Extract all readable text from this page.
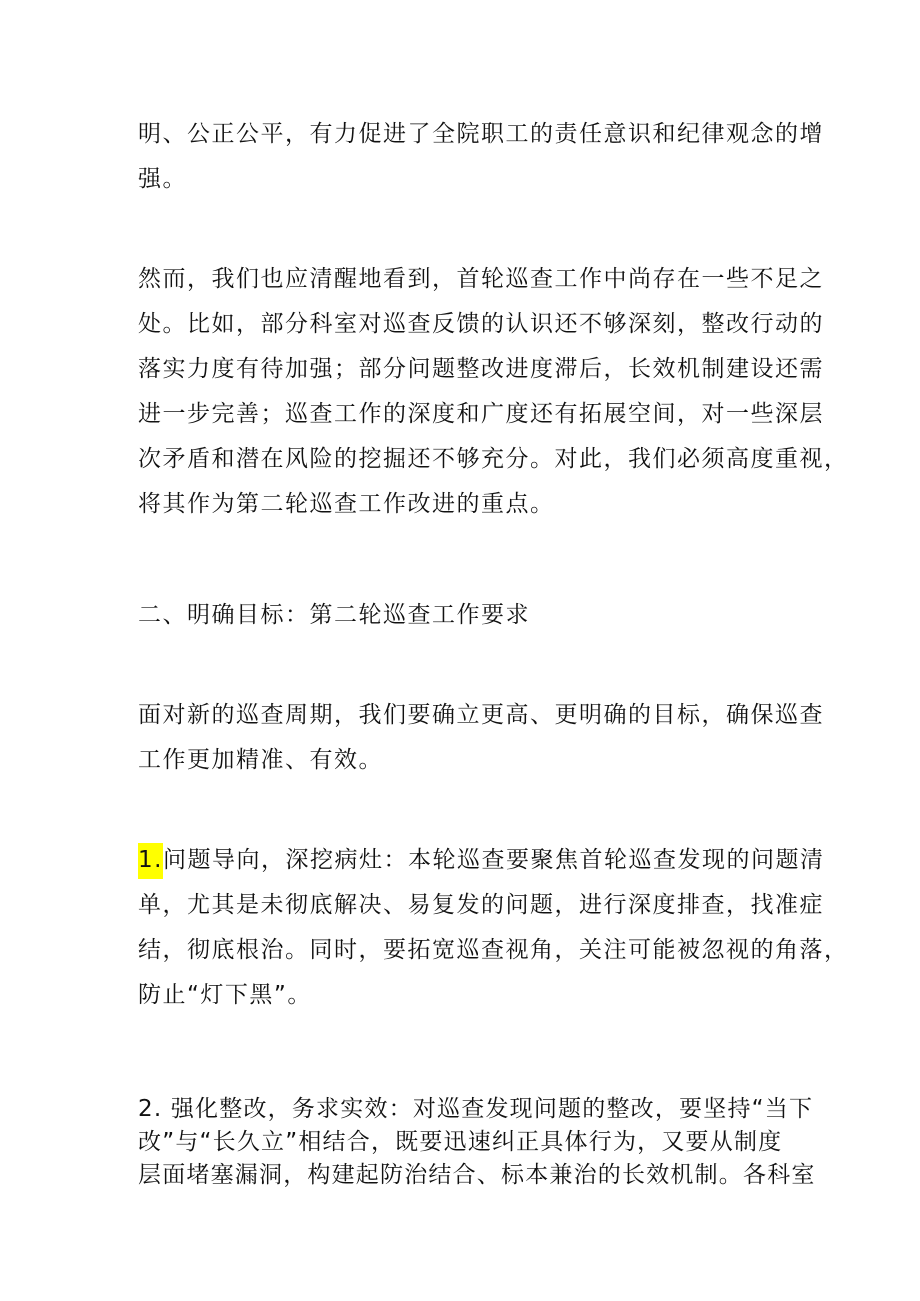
明、公正公平，有力促进了全院职工的责任意识和纪律观念的增
强。

然而，我们也应清醒地看到，首轮巡查工作中尚存在一些不足之
处。比如，部分科室对巡查反馈的认识还不够深刻，整改行动的
落实力度有待加强；部分问题整改进度滞后，长效机制建设还需
进一步完善；巡查工作的深度和广度还有拓展空间，对一些深层
次矛盾和潜在风险的挖掘还不够充分。对此，我们必须高度重视，
将其作为第二轮巡查工作改进的重点。

二、明确目标：第二轮巡查工作要求

面对新的巡查周期，我们要确立更高、更明确的目标，确保巡查
工作更加精准、有效。

1.问题导向，深挖病灶：本轮巡查要聚焦首轮巡查发现的问题清
单，尤其是未彻底解决、易复发的问题，进行深度排查，找准症
结，彻底根治。同时，要拓宽巡查视角，关注可能被忽视的角落，
防止“灯下黑”。

2. 强化整改，务求实效：对巡查发现问题的整改，要坚持“当下
改”与“长久立”相结合，既要迅速纠正具体行为，又要从制度
层面堵塞漏洞，构建起防治结合、标本兼治的长效机制。各科室
